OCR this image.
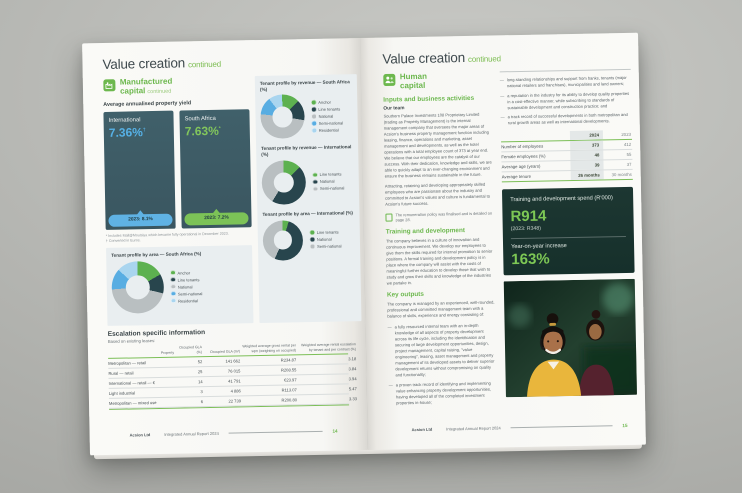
Value creation continued
Manufactured
capital continued
Average annualised property yield
International
7.36%†
2023: 8.1%
South Africa
7.63%*
2023: 7.2%
* Includes Mall@Moutsiya which became fully operational in December 2023.
† Converted in Euros.
Tenant profile by area — South Africa (%)
Anchor
Line tenants
National
Semi-national
Residential
Tenant profile by revenue — South Africa (%)
Anchor
Line tenants
National
Semi-national
Residential
Tenant profile by revenue — International (%)
Line tenants
National
Semi-national
Tenant profile by area — International (%)
Line tenants
National
Semi-national
Escalation specific information
Based on existing leases:
Property
Occupied GLA (%)	Occupied GLA (m²)
Weighted average gross rental per sqm (weighting on occupied)
Weighted average rental escalation by tenant and per contract (%)
Metropolitan — retail	52	141 662	R234.87	3.18
Rural — retail	25	76 015	R208.55	3.84
International — retail — €	14	41 791	€23.97	3.94
Light industrial	3	4 886	R113.07	5.47
Metropolitan — mixed use	6	22 739	R200.80	3.33
Acsion Ltd	Integrated Annual Report 2024	14
Value creation continued
Human
capital
Inputs and business activities
Our team

Southern Palace Investments 108 Proprietary Limited (trading as Property Management) is the internal management company that oversees the major areas of Acsion's business property management function including leasing, finance, operations and marketing, asset management and developments, as well as the hotel operations with a total employee count of 373 at year end. We believe that our employees are the catalyst of our success. With their dedication, knowledge and skills, we are able to quickly adapt to an ever-changing environment and ensure the business remains sustainable in the future.

Attracting, retaining and developing appropriately skilled employees who are passionate about the industry and committed to Acsion's values and culture is fundamental to Acsion's future success.

The remuneration policy was finalised and is detailed on page 28.
Training and development

The company believes in a culture of innovation and continuous improvement. We develop our employees to give them the skills required for internal promotion to senior positions. A formal training and development policy is in place where the company will assist with the costs of meaningful further education to develop those that wish to study and grow their skills and knowledge of the industries we partake in.

Key outputs

The company is managed by an experienced, well-rounded, professional and committed management team with a balance of skills, experience and energy consisting of:

— a fully resourced internal team with an in-depth knowledge of all aspects of property development across its life cycle, including the identification and securing of large development opportunities, design, project management, capital raising, "value engineering", leasing, asset management and property management of its developed assets to deliver superior development returns without compromising on quality and functionality;
— a proven track record of identifying and implementing value enhancing property development opportunities, having developed all of the completed investment properties in-house;
— long-standing relationships and support from banks, tenants (major national retailers and franchises), municipalities and land owners;
— a reputation in the industry for its ability to develop quality properties in a cost-effective manner, while subscribing to standards of sustainable development and construction practice; and
— a track record of successful developments in both metropolitan and rural growth areas as well as international developments.
2024	2023
Number of employees	373	412
Female employees (%)	48	55
Average age (years)	39	37
Average tenure	26 months	30 months
Training and development spend (R'000)
R914
(2023: R348)
Year-on-year increase
163%
Acsion Ltd	Integrated Annual Report 2024	15
